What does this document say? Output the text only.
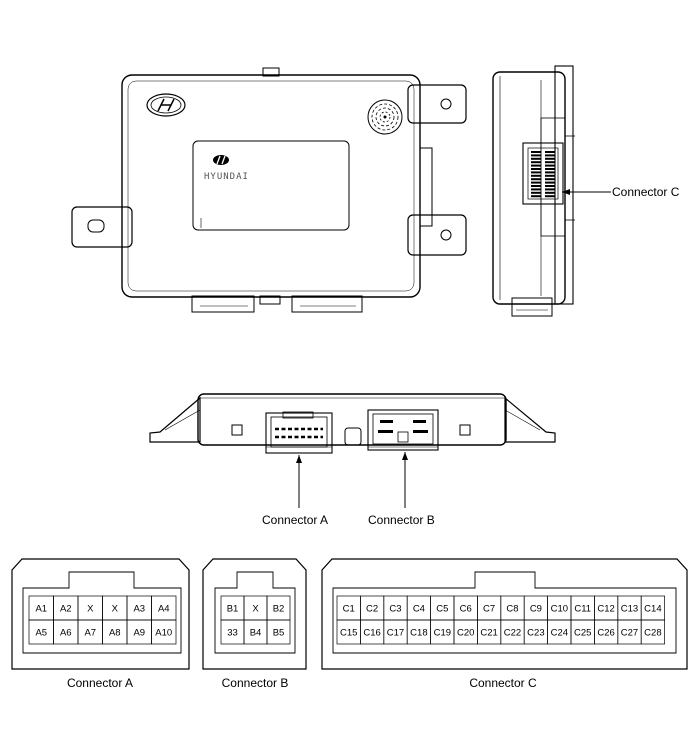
HYUNDAI
Connector C
Connector A	Connector B
A1 A2 X X A3 A4
A5 A6 A7 A8 A9 A10
Connector A
B1 X B2
33 B4 B5
Connector B
C1 C2 C3 C4 C5 C6 C7 C8 C9 C10 C11 C12 C13 C14
C15 C16 C17 C18 C19 C20 C21 C22 C23 C24 C25 C26 C27 C28
Connector C
